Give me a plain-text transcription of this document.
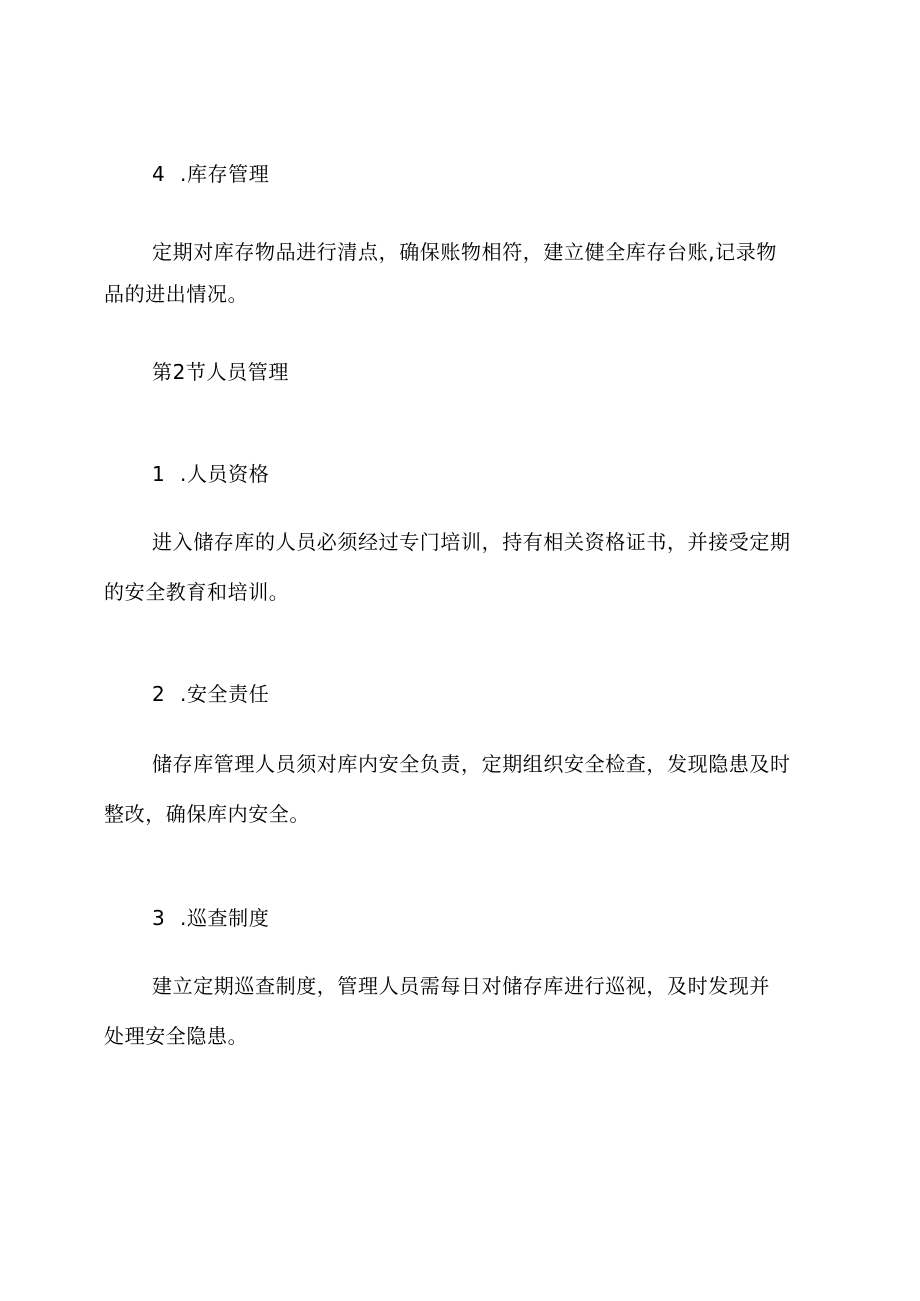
4 .库存管理
定期对库存物品进行清点，确保账物相符，建立健全库存台账,记录物
品的进出情况。
第2节人员管理
1 .人员资格
进入储存库的人员必须经过专门培训，持有相关资格证书，并接受定期
的安全教育和培训。
2 .安全责任
储存库管理人员须对库内安全负责，定期组织安全检查，发现隐患及时
整改，确保库内安全。
3 .巡查制度
建立定期巡查制度，管理人员需每日对储存库进行巡视，及时发现并
处理安全隐患。
